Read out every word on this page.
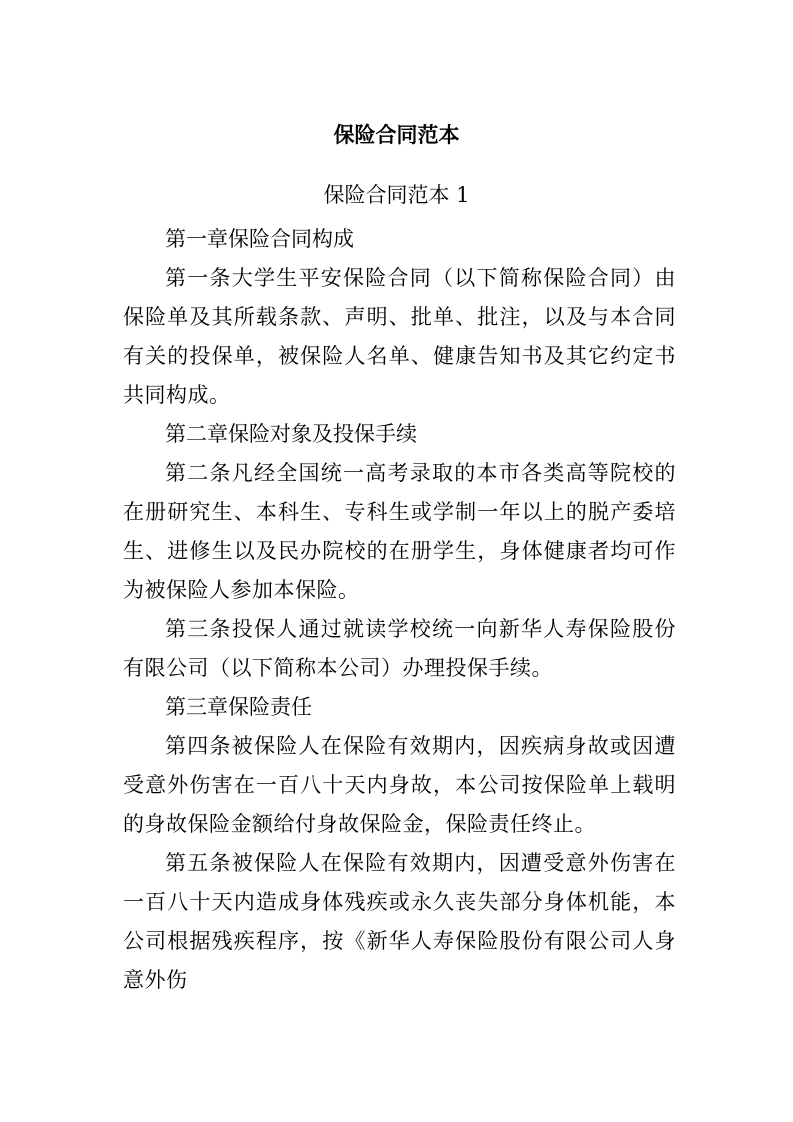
保险合同范本
保险合同范本 1

第一章保险合同构成

第一条大学生平安保险合同（以下简称保险合同）由保险单及其所载条款、声明、批单、批注，以及与本合同有关的投保单，被保险人名单、健康告知书及其它约定书共同构成。

第二章保险对象及投保手续

第二条凡经全国统一高考录取的本市各类高等院校的在册研究生、本科生、专科生或学制一年以上的脱产委培生、进修生以及民办院校的在册学生，身体健康者均可作为被保险人参加本保险。

第三条投保人通过就读学校统一向新华人寿保险股份有限公司（以下简称本公司）办理投保手续。

第三章保险责任

第四条被保险人在保险有效期内，因疾病身故或因遭受意外伤害在一百八十天内身故，本公司按保险单上载明的身故保险金额给付身故保险金，保险责任终止。

第五条被保险人在保险有效期内，因遭受意外伤害在一百八十天内造成身体残疾或永久丧失部分身体机能，本公司根据残疾程序，按《新华人寿保险股份有限公司人身意外伤
